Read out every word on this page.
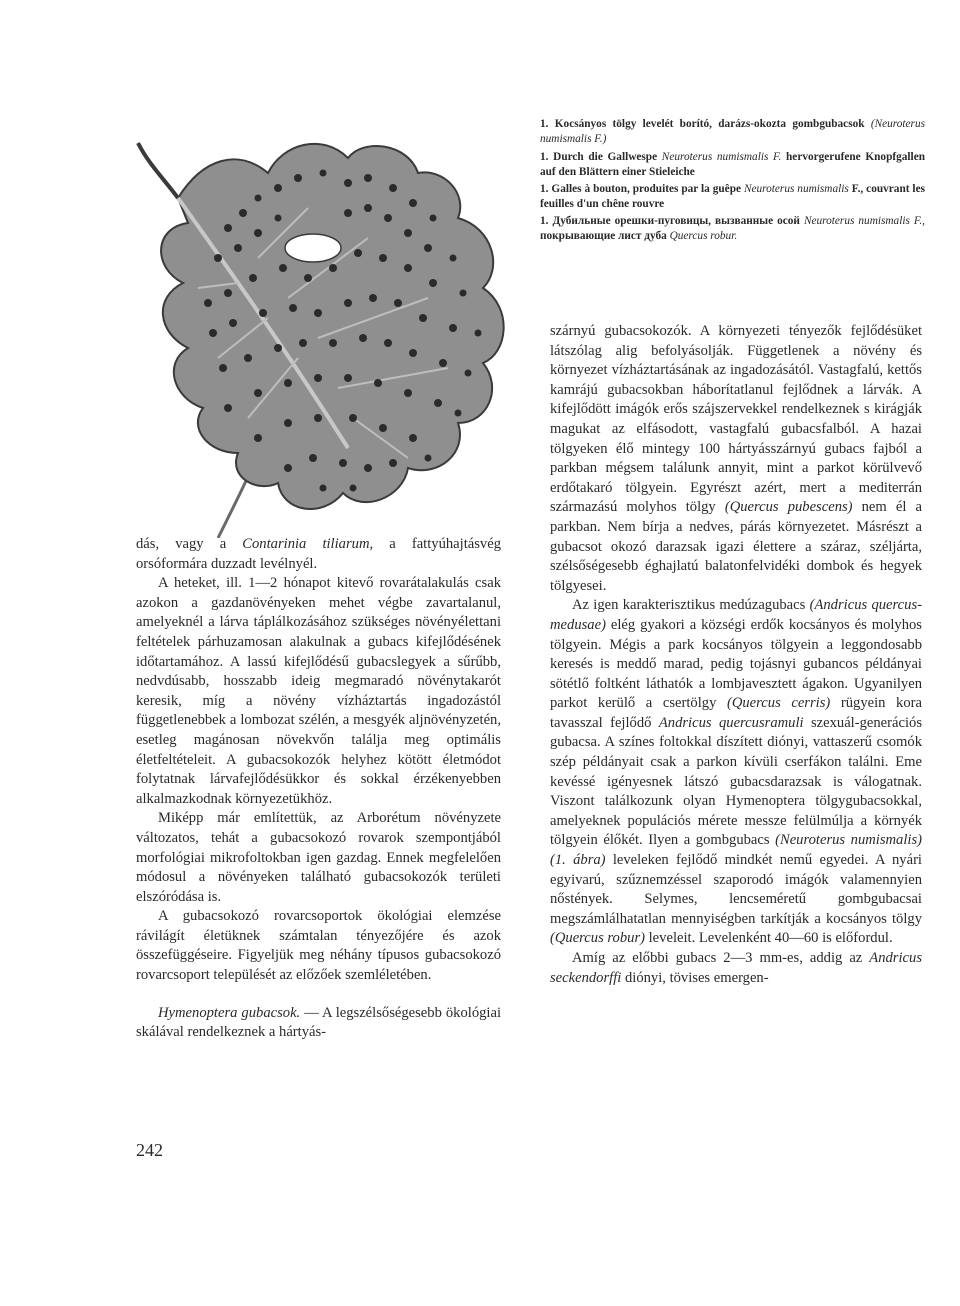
1. Kocsányos tölgy levelét borító, darázs-okozta gombgubacsok (Neuroterus numismalis F.)
1. Durch die Gallwespe Neuroterus numismalis F. hervorgerufene Knopfgallen auf den Blättern einer Stieleiche
1. Galles à bouton, produites par la guêpe Neuroterus numismalis F., couvrant les feuilles d'un chêne rouvre
1. Дубильные орешки-пуговицы, вызванные осой Neuroterus numismalis F., покрывающие лист дуба Quercus robur.

dás, vagy a Contarinia tiliarum, a fattyúhajtásvég orsóformára duzzadt levélnyél.

A heteket, ill. 1—2 hónapot kitevő rovarátalakulás csak azokon a gazdanövényeken mehet végbe zavartalanul, amelyeknél a lárva táplálkozásához szükséges növényélettani feltételek párhuzamosan alakulnak a gubacs kifejlődésének időtartamához. A lassú kifejlődésű gubacslegyek a sűrűbb, nedvdúsabb, hosszabb ideig megmaradó növénytakarót keresik, míg a növény vízháztartás ingadozástól függetlenebbek a lombozat szélén, a mesgyék aljnövényzetén, esetleg magánosan növekvőn találja meg optimális életfeltételeit. A gubacsokozók helyhez kötött életmódot folytatnak lárvafejlődésükkor és sokkal érzékenyebben alkalmazkodnak környezetükhöz.

Miképp már említettük, az Arborétum növényzete változatos, tehát a gubacsokozó rovarok szempontjából morfológiai mikrofoltokban igen gazdag. Ennek megfelelően módosul a növényeken található gubacsokozók területi elszóródása is.

A gubacsokozó rovarcsoportok ökológiai elemzése rávilágít életüknek számtalan tényezőjére és azok összefüggéseire. Figyeljük meg néhány típusos gubacsokozó rovarcsoport települését az előzőek szemléletében.

Hymenoptera gubacsok. — A legszélsőségesebb ökológiai skálával rendelkeznek a hártyás-

szárnyú gubacsokozók. A környezeti tényezők fejlődésüket látszólag alig befolyásolják. Függetlenek a növény és környezet vízháztartásának az ingadozásától. Vastagfalú, kettős kamrájú gubacsokban háborítatlanul fejlődnek a lárvák. A kifejlődött imágók erős szájszervekkel rendelkeznek s kirágják magukat az elfásodott, vastagfalú gubacsfalból. A hazai tölgyeken élő mintegy 100 hártyásszárnyú gubacs fajból a parkban mégsem találunk annyit, mint a parkot körülvevő erdőtakaró tölgyein. Egyrészt azért, mert a mediterrán származású molyhos tölgy (Quercus pubescens) nem él a parkban. Nem bírja a nedves, párás környezetet. Másrészt a gubacsot okozó darazsak igazi élettere a száraz, széljárta, szélsőségesebb éghajlatú balatonfelvidéki dombok és hegyek tölgyesei.

Az igen karakterisztikus medúzagubacs (Andricus quercus-medusae) elég gyakori a községi erdők kocsányos és molyhos tölgyein. Mégis a park kocsányos tölgyein a leggondosabb keresés is meddő marad, pedig tojásnyi gubancos példányai sötétlő foltként láthatók a lombjavesztett ágakon. Ugyanilyen parkot kerülő a csertölgy (Quercus cerris) rügyein kora tavasszal fejlődő Andricus quercusramuli szexuál-generációs gubacsa. A színes foltokkal díszített diónyi, vattaszerű csomók szép példányait csak a parkon kívüli cserfákon találni. Eme kevéssé igényesnek látszó gubacsdarazsak is válogatnak. Viszont találkozunk olyan Hymenoptera tölgygubacsokkal, amelyeknek populációs mérete messze felülmúlja a környék tölgyein élőkét. Ilyen a gombgubacs (Neuroterus numismalis) (1. ábra) leveleken fejlődő mindkét nemű egyedei. A nyári egyivarú, szűznemzéssel szaporodó imágók valamennyien nőstények. Selymes, lencseméretű gombgubacsai megszámlálhatatlan mennyiségben tarkítják a kocsányos tölgy (Quercus robur) leveleit. Levelenként 40—60 is előfordul.

Amíg az előbbi gubacs 2—3 mm-es, addig az Andricus seckendorffi diónyi, tövises emergen-

242
